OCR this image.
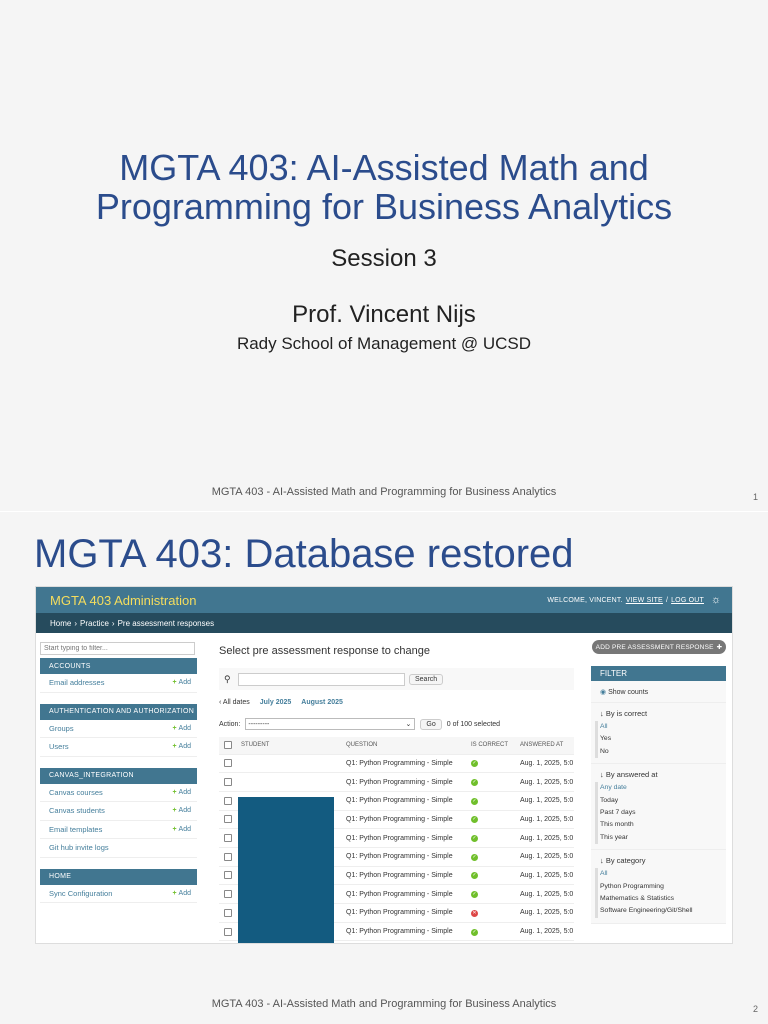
MGTA 403: AI-Assisted Math and
Programming for Business Analytics
Session 3
Prof. Vincent Nijs
Rady School of Management @ UCSD
MGTA 403 - AI-Assisted Math and Programming for Business Analytics	1
MGTA 403: Database restored
MGTA 403 Administration	WELCOME, VINCENT. VIEW SITE / LOG OUT ☼
Home › Practice › Pre assessment responses
Start typing to filter...
ACCOUNTS
Email addresses	+ Add
AUTHENTICATION AND AUTHORIZATION
Groups	+ Add
Users	+ Add
CANVAS_INTEGRATION
Canvas courses	+ Add
Canvas students	+ Add
Email templates	+ Add
Git hub invite logs
HOME
Sync Configuration	+ Add
Select pre assessment response to change
⚲	Search
‹ All dates July 2025 August 2025
Action: ---------	⌄	Go	0 of 100 selected
	STUDENT	QUESTION	IS CORRECT	ANSWERED AT
		Q1: Python Programming - Simple	✓	Aug. 1, 2025, 5:0
		Q1: Python Programming - Simple	✓	Aug. 1, 2025, 5:0
		Q1: Python Programming - Simple	✓	Aug. 1, 2025, 5:0
		Q1: Python Programming - Simple	✓	Aug. 1, 2025, 5:0
		Q1: Python Programming - Simple	✓	Aug. 1, 2025, 5:0
		Q1: Python Programming - Simple	✓	Aug. 1, 2025, 5:0
		Q1: Python Programming - Simple	✓	Aug. 1, 2025, 5:0
		Q1: Python Programming - Simple	✓	Aug. 1, 2025, 5:0
		Q1: Python Programming - Simple	✕	Aug. 1, 2025, 5:0
		Q1: Python Programming - Simple	✓	Aug. 1, 2025, 5:0
ADD PRE ASSESSMENT RESPONSE ✚
FILTER
◉ Show counts
↓ By is correct
All
Yes
No
↓ By answered at
Any date
Today
Past 7 days
This month
This year
↓ By category
All
Python Programming
Mathematics & Statistics
Software Engineering/Git/Shell
MGTA 403 - AI-Assisted Math and Programming for Business Analytics	2
